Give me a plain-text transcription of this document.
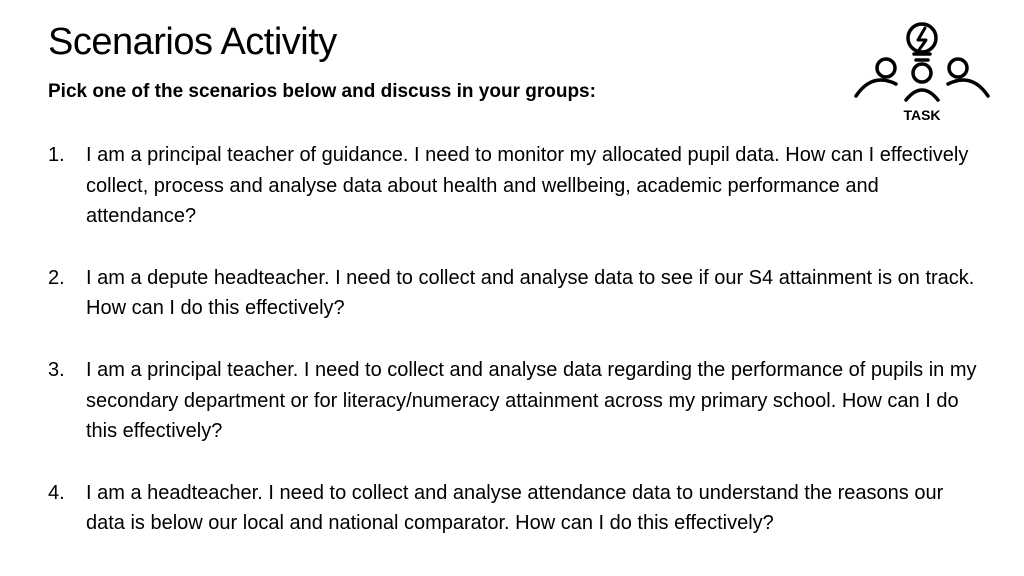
Scenarios Activity
Pick one of the scenarios below and discuss in your groups:
TASK
1. I am a principal teacher of guidance. I need to monitor my allocated pupil data. How can I effectively collect, process and analyse data about health and wellbeing, academic performance and attendance?
2. I am a depute headteacher. I need to collect and analyse data to see if our S4 attainment is on track. How can I do this effectively?
3. I am a principal teacher. I need to collect and analyse data regarding the performance of pupils in my secondary department or for literacy/numeracy attainment across my primary school. How can I do this effectively?
4. I am a headteacher. I need to collect and analyse attendance data to understand the reasons our data is below our local and national comparator. How can I do this effectively?
